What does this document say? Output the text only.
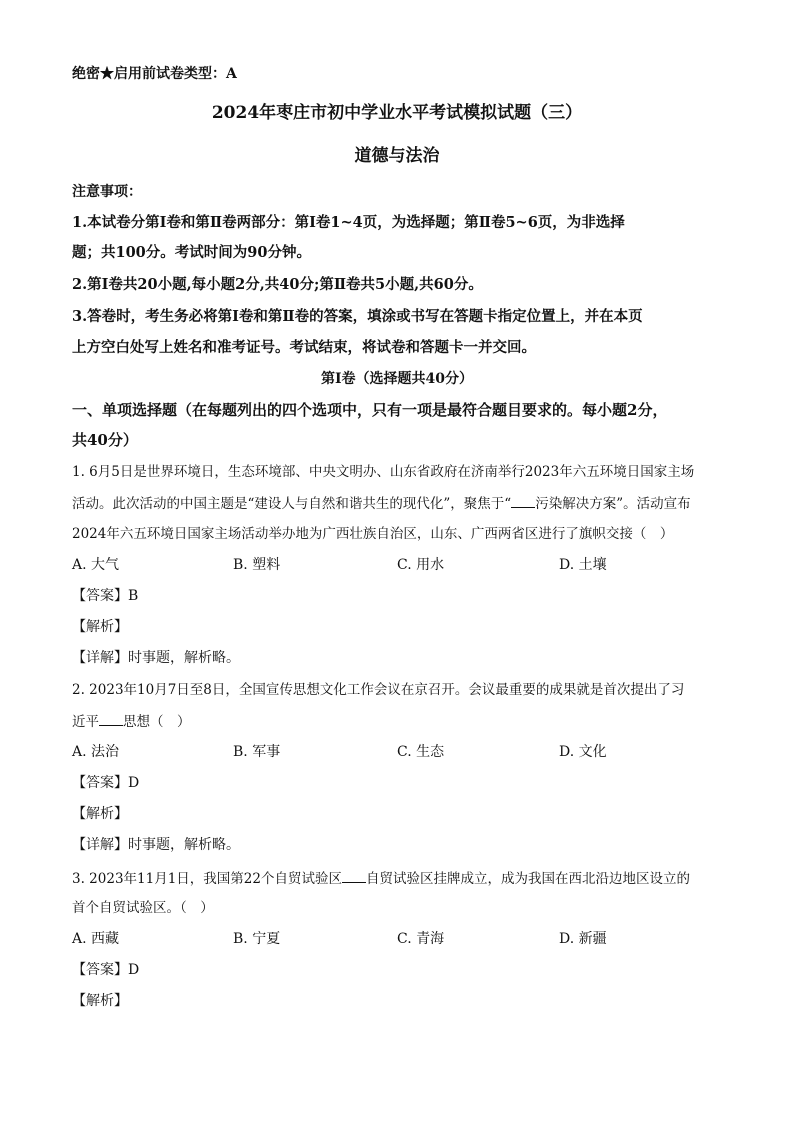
绝密★启用前试卷类型：A
2024年枣庄市初中学业水平考试模拟试题（三）
道德与法治
注意事项：
1.本试卷分第Ⅰ卷和第Ⅱ卷两部分：第Ⅰ卷1~4页，为选择题；第Ⅱ卷5~6页，为非选择
题；共100分。考试时间为90分钟。
2.第Ⅰ卷共20小题,每小题2分,共40分;第Ⅱ卷共5小题,共60分。
3.答卷时，考生务必将第Ⅰ卷和第Ⅱ卷的答案，填涂或书写在答题卡指定位置上，并在本页
上方空白处写上姓名和准考证号。考试结束，将试卷和答题卡一并交回。
第Ⅰ卷（选择题共40分）
一、单项选择题（在每题列出的四个选项中，只有一项是最符合题目要求的。每小题2分，
共40分）
1. 6月5日是世界环境日，生态环境部、中央文明办、山东省政府在济南举行2023年六五环境日国家主场
活动。此次活动的中国主题是“建设人与自然和谐共生的现代化”，聚焦于“ 污染解决方案”。活动宣布
2024年六五环境日国家主场活动举办地为广西壮族自治区，山东、广西两省区进行了旗帜交接（　）
A. 大气	B. 塑料	C. 用水	D. 土壤
【答案】B
【解析】
【详解】时事题，解析略。
2. 2023年10月7日至8日，全国宣传思想文化工作会议在京召开。会议最重要的成果就是首次提出了习
近平 思想（　）
A. 法治	B. 军事	C. 生态	D. 文化
【答案】D
【解析】
【详解】时事题，解析略。
3. 2023年11月1日，我国第22个自贸试验区 自贸试验区挂牌成立，成为我国在西北沿边地区设立的
首个自贸试验区。（　）
A. 西藏	B. 宁夏	C. 青海	D. 新疆
【答案】D
【解析】
